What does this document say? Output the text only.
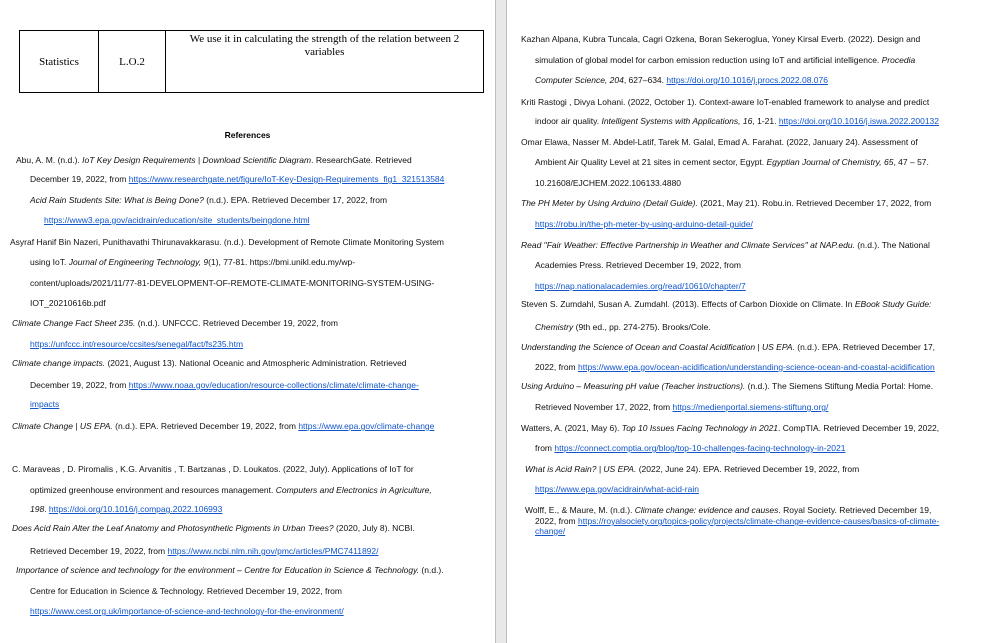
Statistics	L.O.2	We use it in calculating the strength of the relation between 2 variables
References
Abu, A. M. (n.d.). IoT Key Design Requirements | Download Scientific Diagram. ResearchGate. Retrieved
December 19, 2022, from https://www.researchgate.net/figure/IoT-Key-Design-Requirements_fig1_321513584
Acid Rain Students Site: What is Being Done? (n.d.). EPA. Retrieved December 17, 2022, from
https://www3.epa.gov/acidrain/education/site_students/beingdone.html
Asyraf Hanif Bin Nazeri, Punithavathi Thirunavakkarasu. (n.d.). Development of Remote Climate Monitoring System
using IoT. Journal of Engineering Technology, 9(1), 77-81. https://bmi.unikl.edu.my/wp-
content/uploads/2021/11/77-81-DEVELOPMENT-OF-REMOTE-CLIMATE-MONITORING-SYSTEM-USING-
IOT_20210616b.pdf
Climate Change Fact Sheet 235. (n.d.). UNFCCC. Retrieved December 19, 2022, from
https://unfccc.int/resource/ccsites/senegal/fact/fs235.htm
Climate change impacts. (2021, August 13). National Oceanic and Atmospheric Administration. Retrieved
December 19, 2022, from https://www.noaa.gov/education/resource-collections/climate/climate-change-
impacts
Climate Change | US EPA. (n.d.). EPA. Retrieved December 19, 2022, from https://www.epa.gov/climate-change
C. Maraveas , D. Piromalis , K.G. Arvanitis , T. Bartzanas , D. Loukatos. (2022, July). Applications of IoT for
optimized greenhouse environment and resources management. Computers and Electronics in Agriculture,
198. https://doi.org/10.1016/j.compag.2022.106993
Does Acid Rain Alter the Leaf Anatomy and Photosynthetic Pigments in Urban Trees? (2020, July 8). NCBI.
Retrieved December 19, 2022, from https://www.ncbi.nlm.nih.gov/pmc/articles/PMC7411892/
Importance of science and technology for the environment – Centre for Education in Science & Technology. (n.d.).
Centre for Education in Science & Technology. Retrieved December 19, 2022, from
https://www.cest.org.uk/importance-of-science-and-technology-for-the-environment/
Kazhan Alpana, Kubra Tuncala, Cagri Ozkena, Boran Sekeroglua, Yoney Kirsal Everb. (2022). Design and
simulation of global model for carbon emission reduction using IoT and artificial intelligence. Procedia
Computer Science, 204, 627–634. https://doi.org/10.1016/j.procs.2022.08.076
Kriti Rastogi , Divya Lohani. (2022, October 1). Context-aware IoT-enabled framework to analyse and predict
indoor air quality. Intelligent Systems with Applications, 16, 1-21. https://doi.org/10.1016/j.iswa.2022.200132
Omar Elawa, Nasser M. Abdel-Latif, Tarek M. Galal, Emad A. Farahat. (2022, January 24). Assessment of
Ambient Air Quality Level at 21 sites in cement sector, Egypt. Egyptian Journal of Chemistry, 65, 47 – 57.
10.21608/EJCHEM.2022.106133.4880
The PH Meter by Using Arduino (Detail Guide). (2021, May 21). Robu.in. Retrieved December 17, 2022, from
https://robu.in/the-ph-meter-by-using-arduino-detail-guide/
Read "Fair Weather: Effective Partnership in Weather and Climate Services" at NAP.edu. (n.d.). The National
Academies Press. Retrieved December 19, 2022, from
https://nap.nationalacademies.org/read/10610/chapter/7
Steven S. Zumdahl, Susan A. Zumdahl. (2013). Effects of Carbon Dioxide on Climate. In EBook Study Guide:
Chemistry (9th ed., pp. 274-275). Brooks/Cole.
Understanding the Science of Ocean and Coastal Acidification | US EPA. (n.d.). EPA. Retrieved December 17,
2022, from https://www.epa.gov/ocean-acidification/understanding-science-ocean-and-coastal-acidification
Using Arduino – Measuring pH value (Teacher instructions). (n.d.). The Siemens Stiftung Media Portal: Home.
Retrieved November 17, 2022, from https://medienportal.siemens-stiftung.org/
Watters, A. (2021, May 6). Top 10 Issues Facing Technology in 2021. CompTIA. Retrieved December 19, 2022,
from https://connect.comptia.org/blog/top-10-challenges-facing-technology-in-2021
What is Acid Rain? | US EPA. (2022, June 24). EPA. Retrieved December 19, 2022, from
https://www.epa.gov/acidrain/what-acid-rain
Wolff, E., & Maure, M. (n.d.). Climate change: evidence and causes. Royal Society. Retrieved December 19,
2022, from https://royalsociety.org/topics-policy/projects/climate-change-evidence-causes/basics-of-climate-
change/
